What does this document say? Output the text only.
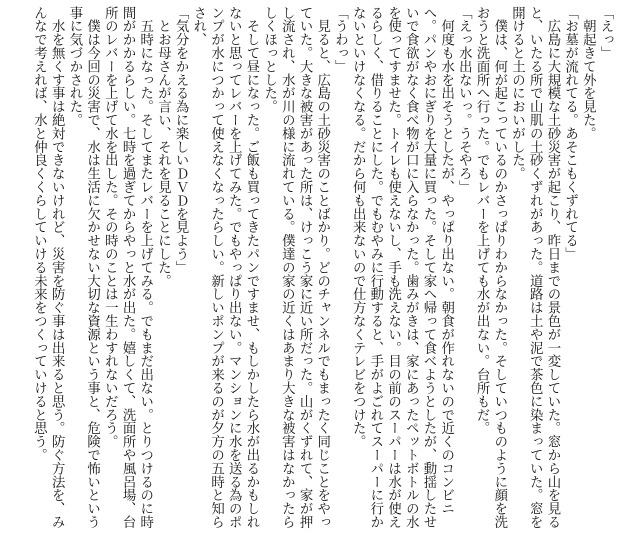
「えっ」

　朝起きて外を見た。

「お墓が流れてる。あそこもくずれてる」

　広島に大規模な土砂災害が起こり、昨日までの景色が一変していた。窓から山を見ると、いたる所で山肌の土砂くずれがあった。道路は土や泥で茶色に染まっていた。窓を開けると土のにおいがした。

　僕は、何が起こっているのかさっぱりわからなかった。そしていつものように顔を洗おうと洗面所へ行った。でもレバーを上げても水が出ない。台所もだ。

「えっ水出ないっ。うそやろ」

　何度も水を出そうとしたが、やっぱり出ない。朝食が作れないので近くのコンビニへ。パンやおにぎりを大量に買った。そして家へ帰って食べようとしたが、動揺したせいで食欲がなく食べ物が口に入らなかった。歯みがきは、家にあったペットボトルの水を使ってすませた。トイレも使えないし、手も洗えない。目の前のスーパーは水が使えるらしく、借りることにした。でもむやみに行動すると、手がよごれてスーパーに行かないといけなくなる。だから何も出来ないので仕方なくテレビをつけた。

「うわっ」

　見ると、広島の土砂災害のことばかり。どのチャンネルでもまったく同じことをやっていた。大きな被害があった所は、けっこう家に近い所だった。山がくずれて、家が押し流され、水が川の様に流れている。僕達の家の近くはあまり大きな被害はなかったらしくほっとした。

　そして昼になった。ご飯も買ってきたパンですませ、もしかしたら水が出るかもしれないと思ってレバーを上げてみた。でもやっぱり出ない。マンションに水を送る為のポンプが水につかって使えなくなったらしい。新しいポンプが来るのが夕方の五時と知らされ、

「気分をかえる為に楽しいＤＶＤを見よう」

　とお母さんが言い、それを見ることにした。

　五時になった。そしてまたレバーを上げてみる。でもまだ出ない。とりつけるのに時間がかかるらしい。七時を過ぎてからやっと水が出た。嬉しくて、洗面所や風呂場、台所のレバーを上げて水を出した。その時のことは一生わすれないだろう。

　僕は今回の災害で、水は生活に欠かせない大切な資源という事と、危険で怖いという事に気づかされた。

　水を無くす事は絶対できないけれど、災害を防ぐ事は出来ると思う。防ぐ方法を、みんなで考えれば、水と仲良くくらしていける未来をつくっていけると思う。
